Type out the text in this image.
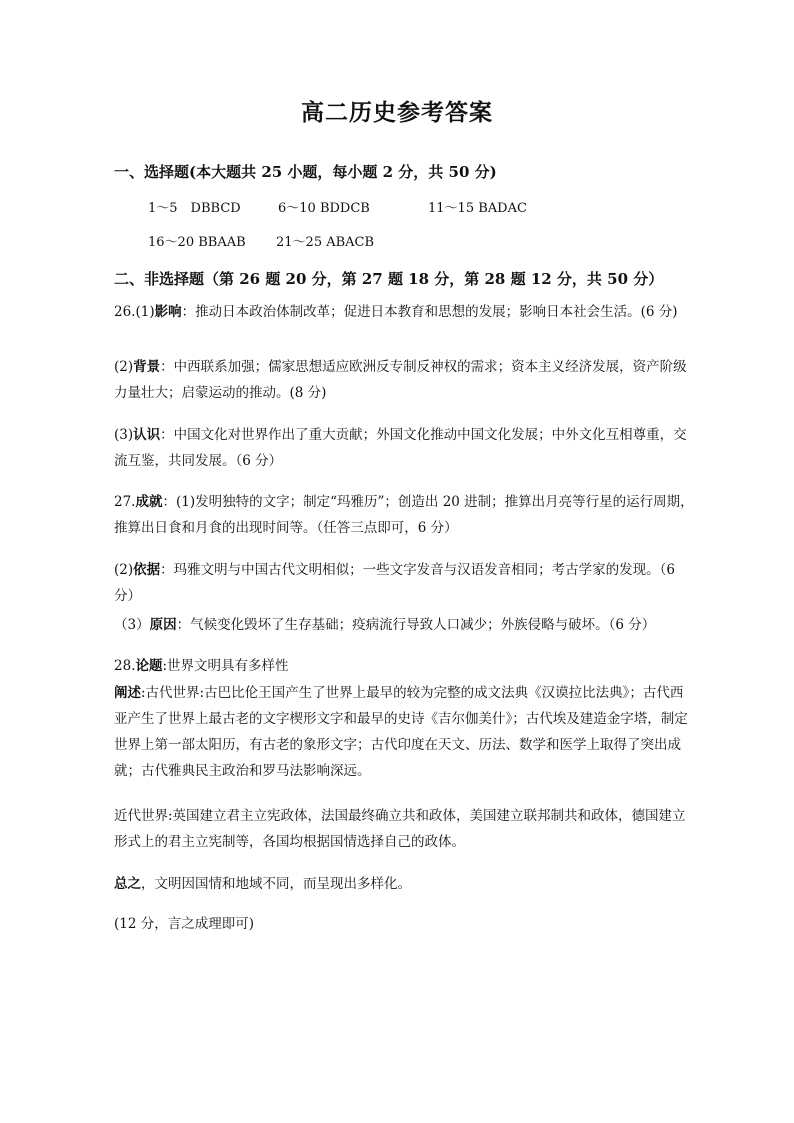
高二历史参考答案
一、选择题(本大题共 25 小题，每小题 2 分，共 50 分)
1～5　DBBCD	6～10 BDDCB	11～15 BADAC
16～20 BBAAB 21～25 ABACB
二、非选择题（第 26 题 20 分，第 27 题 18 分，第 28 题 12 分，共 50 分）

26.(1)影响：推动日本政治体制改革；促进日本教育和思想的发展；影响日本社会生活。(6 分)

(2)背景：中西联系加强；儒家思想适应欧洲反专制反神权的需求；资本主义经济发展，资产阶级力量壮大；启蒙运动的推动。(8 分)

(3)认识：中国文化对世界作出了重大贡献；外国文化推动中国文化发展；中外文化互相尊重，交流互鉴，共同发展。（6 分）

27.成就：(1)发明独特的文字；制定“玛雅历”；创造出 20 进制；推算出月亮等行星的运行周期，推算出日食和月食的出现时间等。（任答三点即可，6 分）

(2)依据：玛雅文明与中国古代文明相似；一些文字发音与汉语发音相同；考古学家的发现。（6 分）

（3）原因：气候变化毁坏了生存基础；疫病流行导致人口减少；外族侵略与破坏。（6 分）

28.论题:世界文明具有多样性

阐述:古代世界:古巴比伦王国产生了世界上最早的较为完整的成文法典《汉谟拉比法典》；古代西亚产生了世界上最古老的文字楔形文字和最早的史诗《吉尔伽美什》；古代埃及建造金字塔，制定世界上第一部太阳历，有古老的象形文字；古代印度在天文、历法、数学和医学上取得了突出成就；古代雅典民主政治和罗马法影响深远。

近代世界:英国建立君主立宪政体，法国最终确立共和政体，美国建立联邦制共和政体，德国建立形式上的君主立宪制等，各国均根据国情选择自己的政体。

总之，文明因国情和地域不同，而呈现出多样化。

(12 分，言之成理即可)
